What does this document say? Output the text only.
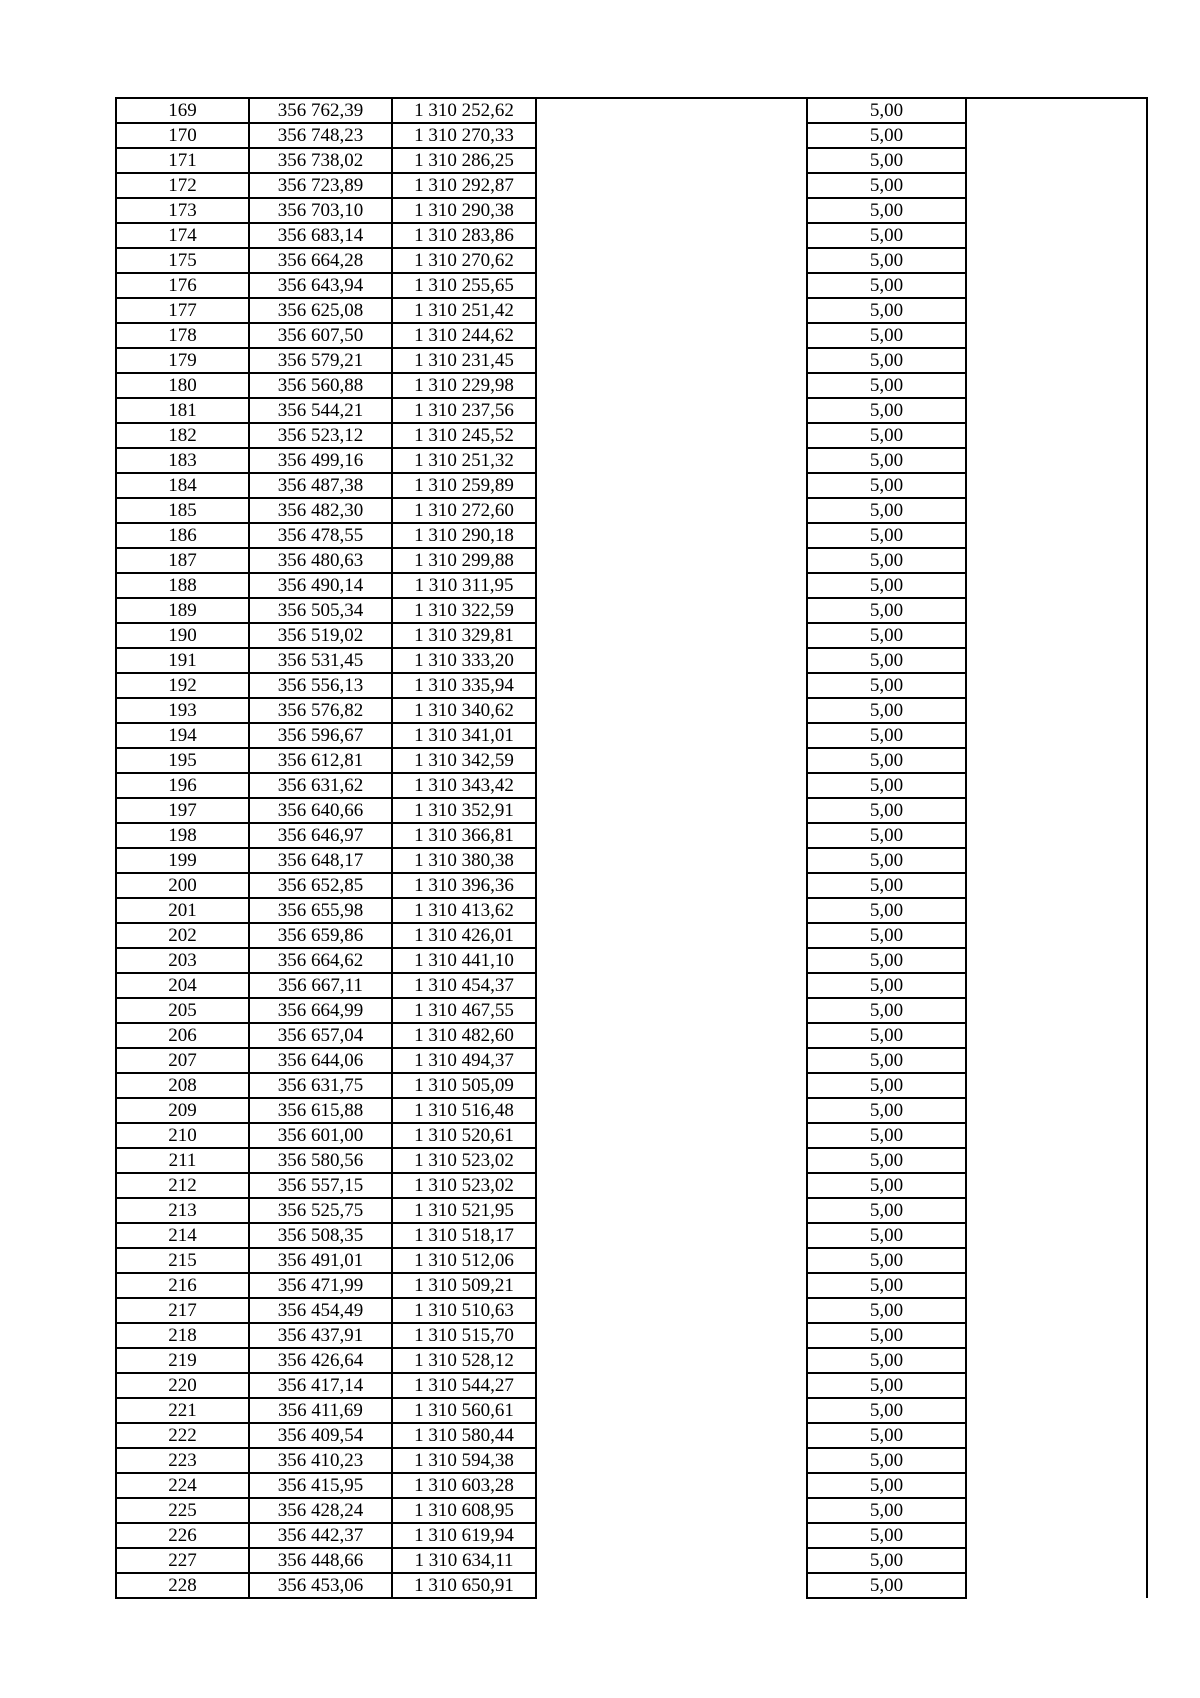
169	356 762,39	1 310 252,62		5,00	
170	356 748,23	1 310 270,33		5,00	
171	356 738,02	1 310 286,25		5,00	
172	356 723,89	1 310 292,87		5,00	
173	356 703,10	1 310 290,38		5,00	
174	356 683,14	1 310 283,86		5,00	
175	356 664,28	1 310 270,62		5,00	
176	356 643,94	1 310 255,65		5,00	
177	356 625,08	1 310 251,42		5,00	
178	356 607,50	1 310 244,62		5,00	
179	356 579,21	1 310 231,45		5,00	
180	356 560,88	1 310 229,98		5,00	
181	356 544,21	1 310 237,56		5,00	
182	356 523,12	1 310 245,52		5,00	
183	356 499,16	1 310 251,32		5,00	
184	356 487,38	1 310 259,89		5,00	
185	356 482,30	1 310 272,60		5,00	
186	356 478,55	1 310 290,18		5,00	
187	356 480,63	1 310 299,88		5,00	
188	356 490,14	1 310 311,95		5,00	
189	356 505,34	1 310 322,59		5,00	
190	356 519,02	1 310 329,81		5,00	
191	356 531,45	1 310 333,20		5,00	
192	356 556,13	1 310 335,94		5,00	
193	356 576,82	1 310 340,62		5,00	
194	356 596,67	1 310 341,01		5,00	
195	356 612,81	1 310 342,59		5,00	
196	356 631,62	1 310 343,42		5,00	
197	356 640,66	1 310 352,91		5,00	
198	356 646,97	1 310 366,81		5,00	
199	356 648,17	1 310 380,38		5,00	
200	356 652,85	1 310 396,36		5,00	
201	356 655,98	1 310 413,62		5,00	
202	356 659,86	1 310 426,01		5,00	
203	356 664,62	1 310 441,10		5,00	
204	356 667,11	1 310 454,37		5,00	
205	356 664,99	1 310 467,55		5,00	
206	356 657,04	1 310 482,60		5,00	
207	356 644,06	1 310 494,37		5,00	
208	356 631,75	1 310 505,09		5,00	
209	356 615,88	1 310 516,48		5,00	
210	356 601,00	1 310 520,61		5,00	
211	356 580,56	1 310 523,02		5,00	
212	356 557,15	1 310 523,02		5,00	
213	356 525,75	1 310 521,95		5,00	
214	356 508,35	1 310 518,17		5,00	
215	356 491,01	1 310 512,06		5,00	
216	356 471,99	1 310 509,21		5,00	
217	356 454,49	1 310 510,63		5,00	
218	356 437,91	1 310 515,70		5,00	
219	356 426,64	1 310 528,12		5,00	
220	356 417,14	1 310 544,27		5,00	
221	356 411,69	1 310 560,61		5,00	
222	356 409,54	1 310 580,44		5,00	
223	356 410,23	1 310 594,38		5,00	
224	356 415,95	1 310 603,28		5,00	
225	356 428,24	1 310 608,95		5,00	
226	356 442,37	1 310 619,94		5,00	
227	356 448,66	1 310 634,11		5,00	
228	356 453,06	1 310 650,91		5,00	
